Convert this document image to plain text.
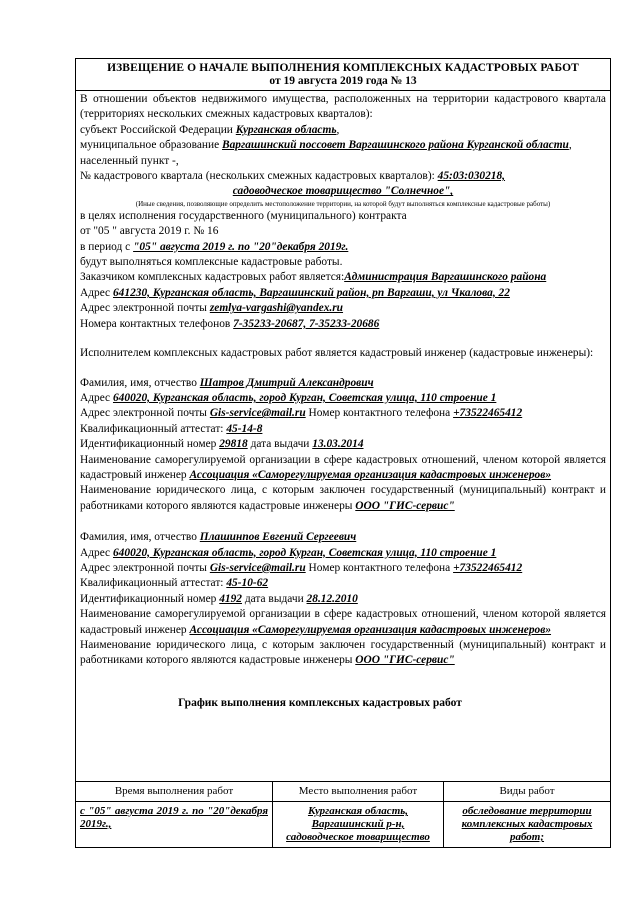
ИЗВЕЩЕНИЕ О НАЧАЛЕ ВЫПОЛНЕНИЯ КОМПЛЕКСНЫХ КАДАСТРОВЫХ РАБОТ
от 19 августа 2019 года № 13

В отношении объектов недвижимого имущества, расположенных на территории кадастрового квартала (территориях нескольких смежных кадастровых кварталов):

субъект Российской Федерации Курганская область,

муниципальное образование Варгашинский поссовет Варгашинского района Курганской области,

населенный пункт -,

№ кадастрового квартала (нескольких смежных кадастровых кварталов): 45:03:030218,

садоводческое товарищество "Солнечное",

(Иные сведения, позволяющие определить местоположение территории, на которой будут выполняться комплексные кадастровые работы)

в целях исполнения государственного (муниципального) контракта

от "05 " августа 2019 г. № 16

в период с "05" августа 2019 г. по "20"декабря 2019г.

будут выполняться комплексные кадастровые работы.

Заказчиком комплексных кадастровых работ является:Администрация Варгашинского района

Адрес 641230, Курганская область, Варгашинский район, рп Варгаши, ул Чкалова, 22

Адрес электронной почты zemlya-vargashi@yandex.ru

Номера контактных телефонов 7-35233-20687, 7-35233-20686

Исполнителем комплексных кадастровых работ является кадастровый инженер (кадастровые инженеры):

Фамилия, имя, отчество Шатров Дмитрий Александрович

Адрес 640020, Курганская область, город Курган, Советская улица, 110 строение 1

Адрес электронной почты Gis-service@mail.ru Номер контактного телефона +73522465412

Квалификационный аттестат: 45-14-8

Идентификационный номер 29818 дата выдачи 13.03.2014

Наименование саморегулируемой организации в сфере кадастровых отношений, членом которой является кадастровый инженер Ассоциация «Саморегулируемая организация кадастровых инженеров»

Наименование юридического лица, с которым заключен государственный (муниципальный) контракт и работниками которого являются кадастровые инженеры ООО "ГИС-сервис"

Фамилия, имя, отчество Плашинnов Евгений Сергеевич

Адрес 640020, Курганская область, город Курган, Советская улица, 110 строение 1

Адрес электронной почты Gis-service@mail.ru Номер контактного телефона +73522465412

Квалификационный аттестат: 45-10-62

Идентификационный номер 4192 дата выдачи 28.12.2010

Наименование саморегулируемой организации в сфере кадастровых отношений, членом которой является кадастровый инженер Ассоциация «Саморегулируемая организация кадастровых инженеров»

Наименование юридического лица, с которым заключен государственный (муниципальный) контракт и работниками которого являются кадастровые инженеры ООО "ГИС-сервис"

График выполнения комплексных кадастровых работ
Время выполнения работ	Место выполнения работ	Виды работ
с "05" августа 2019 г. по "20"декабря 2019г.,	Курганская область, Варгашинский р-н, садоводческое товарищество	обследование территории комплексных кадастровых работ;
